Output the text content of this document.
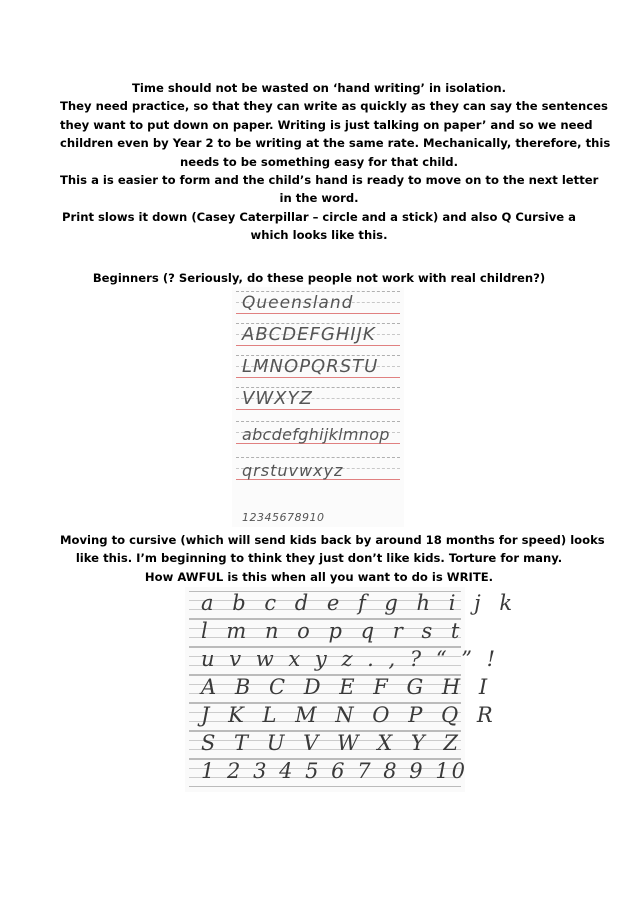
Time should not be wasted on ‘hand writing’ in isolation.
They need practice, so that they can write as quickly as they can say the sentences
they want to put down on paper. Writing is just talking on paper’ and so we need
children even by Year 2 to be writing at the same rate. Mechanically, therefore, this
needs to be something easy for that child.
This a is easier to form and the child’s hand is ready to move on to the next letter
in the word.
Print slows it down (Casey Caterpillar – circle and a stick) and also Q Cursive a
which looks like this.
Beginners (? Seriously, do these people not work with real children?)
Queensland
ABCDEFGHIJK
LMNOPQRSTU
VWXYZ
abcdefghijklmnop
qrstuvwxyz
12345678910
Moving to cursive (which will send kids back by around 18 months for speed) looks
like this. I’m beginning to think they just don’t like kids. Torture for many.
How AWFUL is this when all you want to do is WRITE.
a b c d e f g h i j k
l m n o p q r s t
u v w x y z . , ? “ ” !
A B C D E F G H I
J K L M N O P Q R
S T U V W X Y Z
1 2 3 4 5 6 7 8 9 10
